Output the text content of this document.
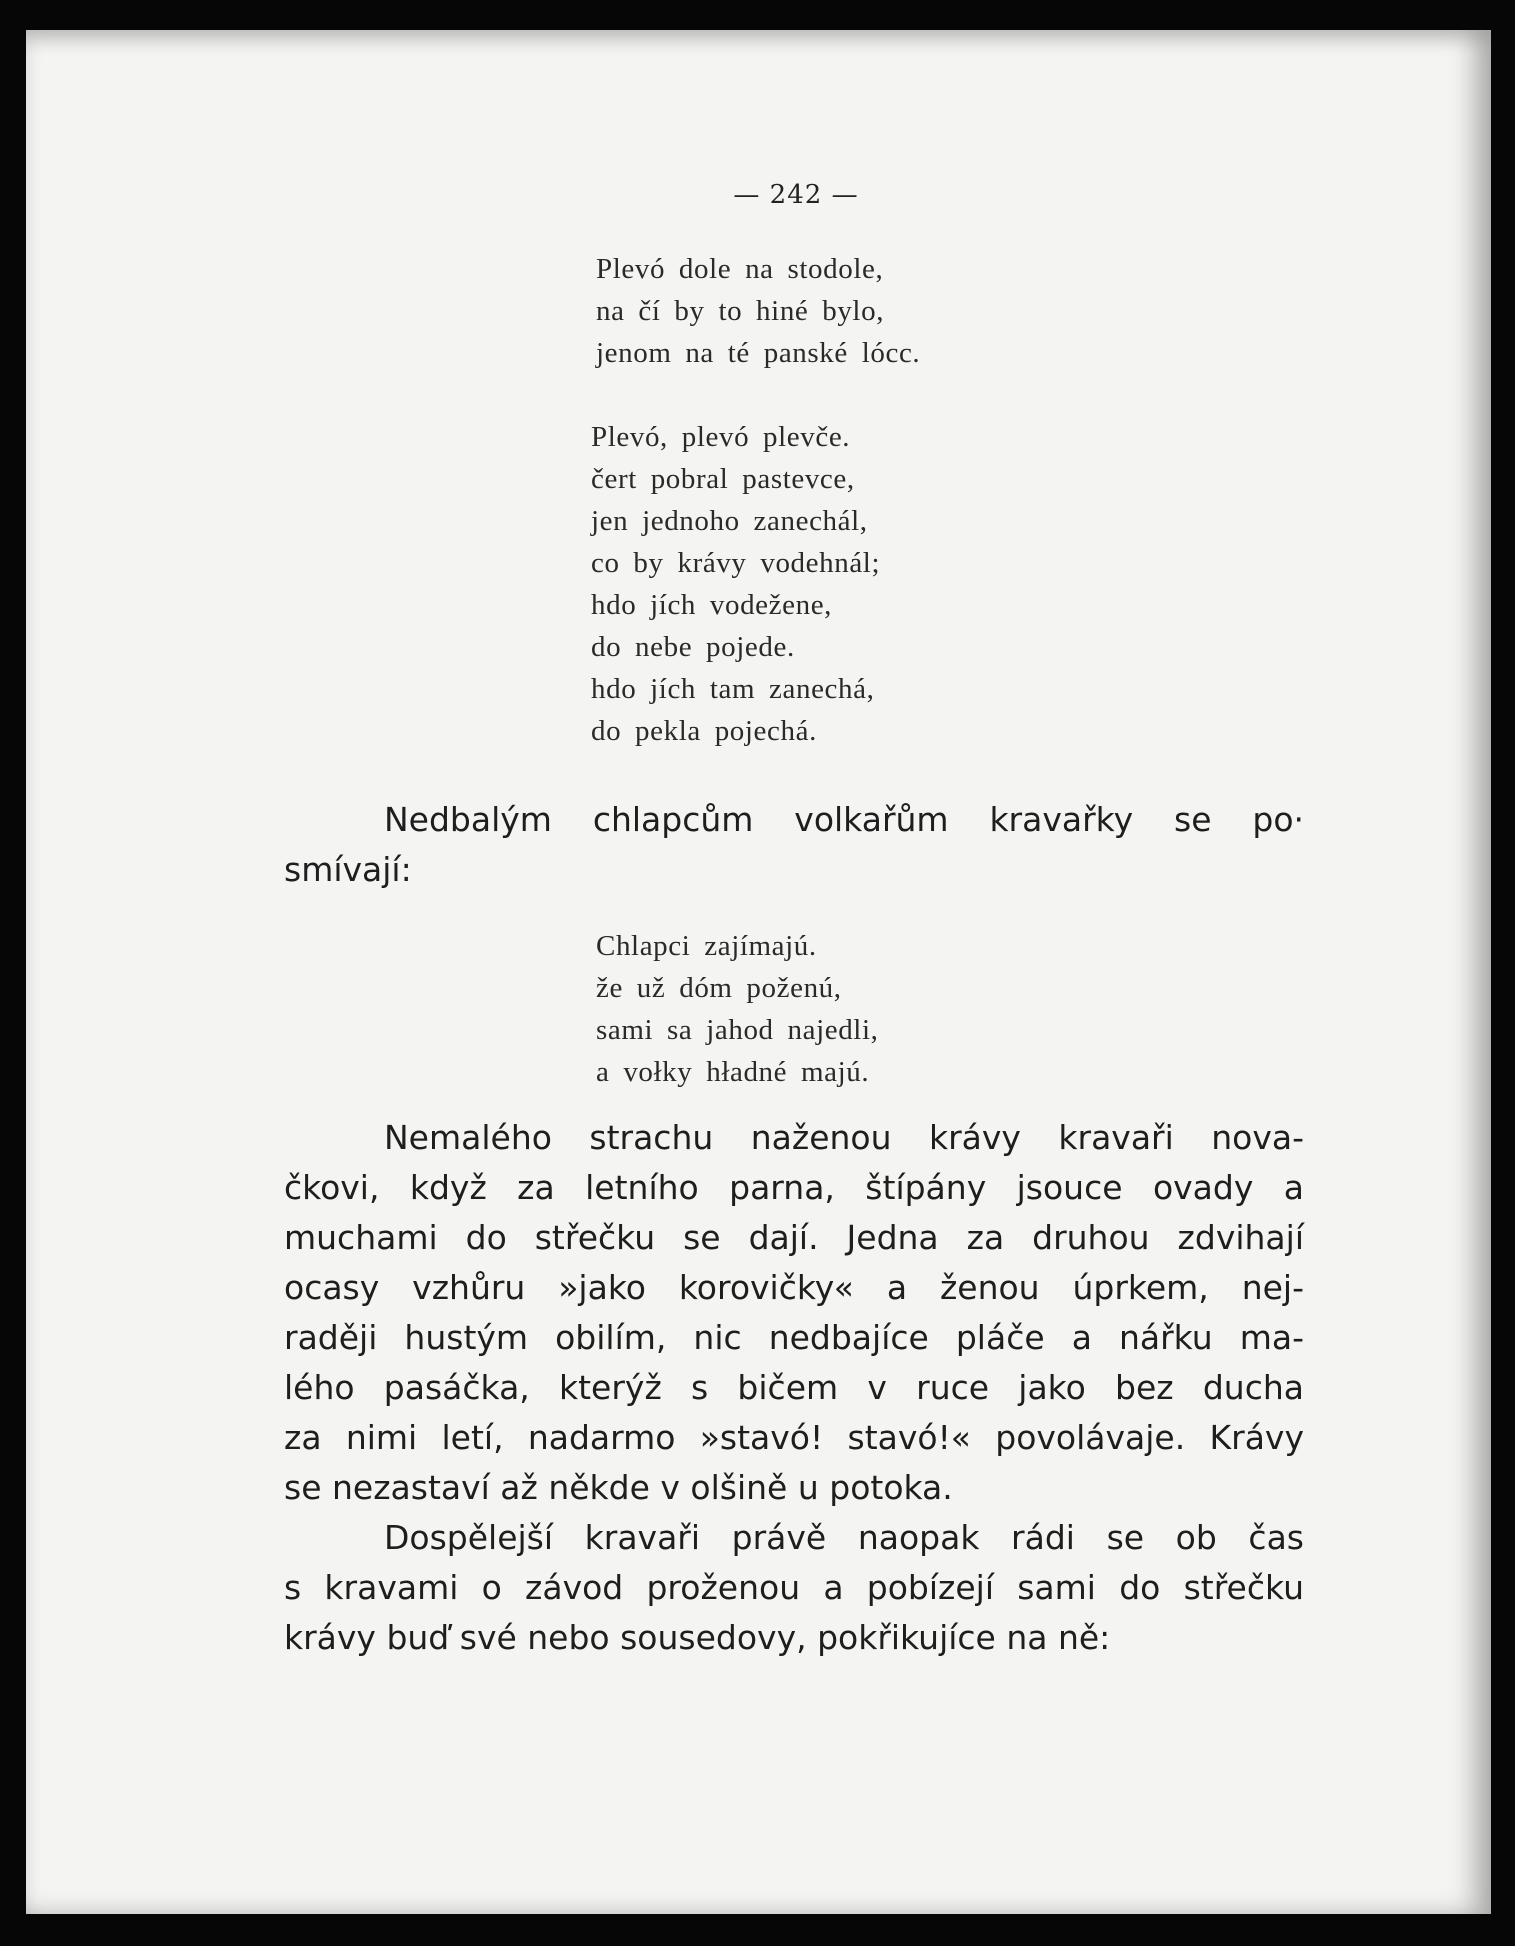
— 242 —
Plevó dole na stodole,
na čí by to hiné bylo,
jenom na té panské lócc.
Plevó, plevó plevče.
čert pobral pastevce,
jen jednoho zanechál,
co by krávy vodehnál;
hdo jích vodežene,
do nebe pojede.
hdo jích tam zanechá,
do pekla pojechá.
Nedbalým chlapcům volkařům kravařky se po·
smívají:
Chlapci zajímajú.
že už dóm poženú,
sami sa jahod najedli,
a vołky hładné majú.
Nemalého strachu naženou krávy kravaři nova-
čkovi, když za letního parna, štípány jsouce ovady a
muchami do střečku se dají. Jedna za druhou zdvihají
ocasy vzhůru »jako korovičky« a ženou úprkem, nej-
raději hustým obilím, nic nedbajíce pláče a nářku ma-
lého pasáčka, kterýž s bičem v ruce jako bez ducha
za nimi letí, nadarmo »stavó! stavó!« povolávaje. Krávy
se nezastaví až někde v olšině u potoka.
Dospělejší kravaři právě naopak rádi se ob čas
s kravami o závod proženou a pobízejí sami do střečku
krávy buď své nebo sousedovy, pokřikujíce na ně:
